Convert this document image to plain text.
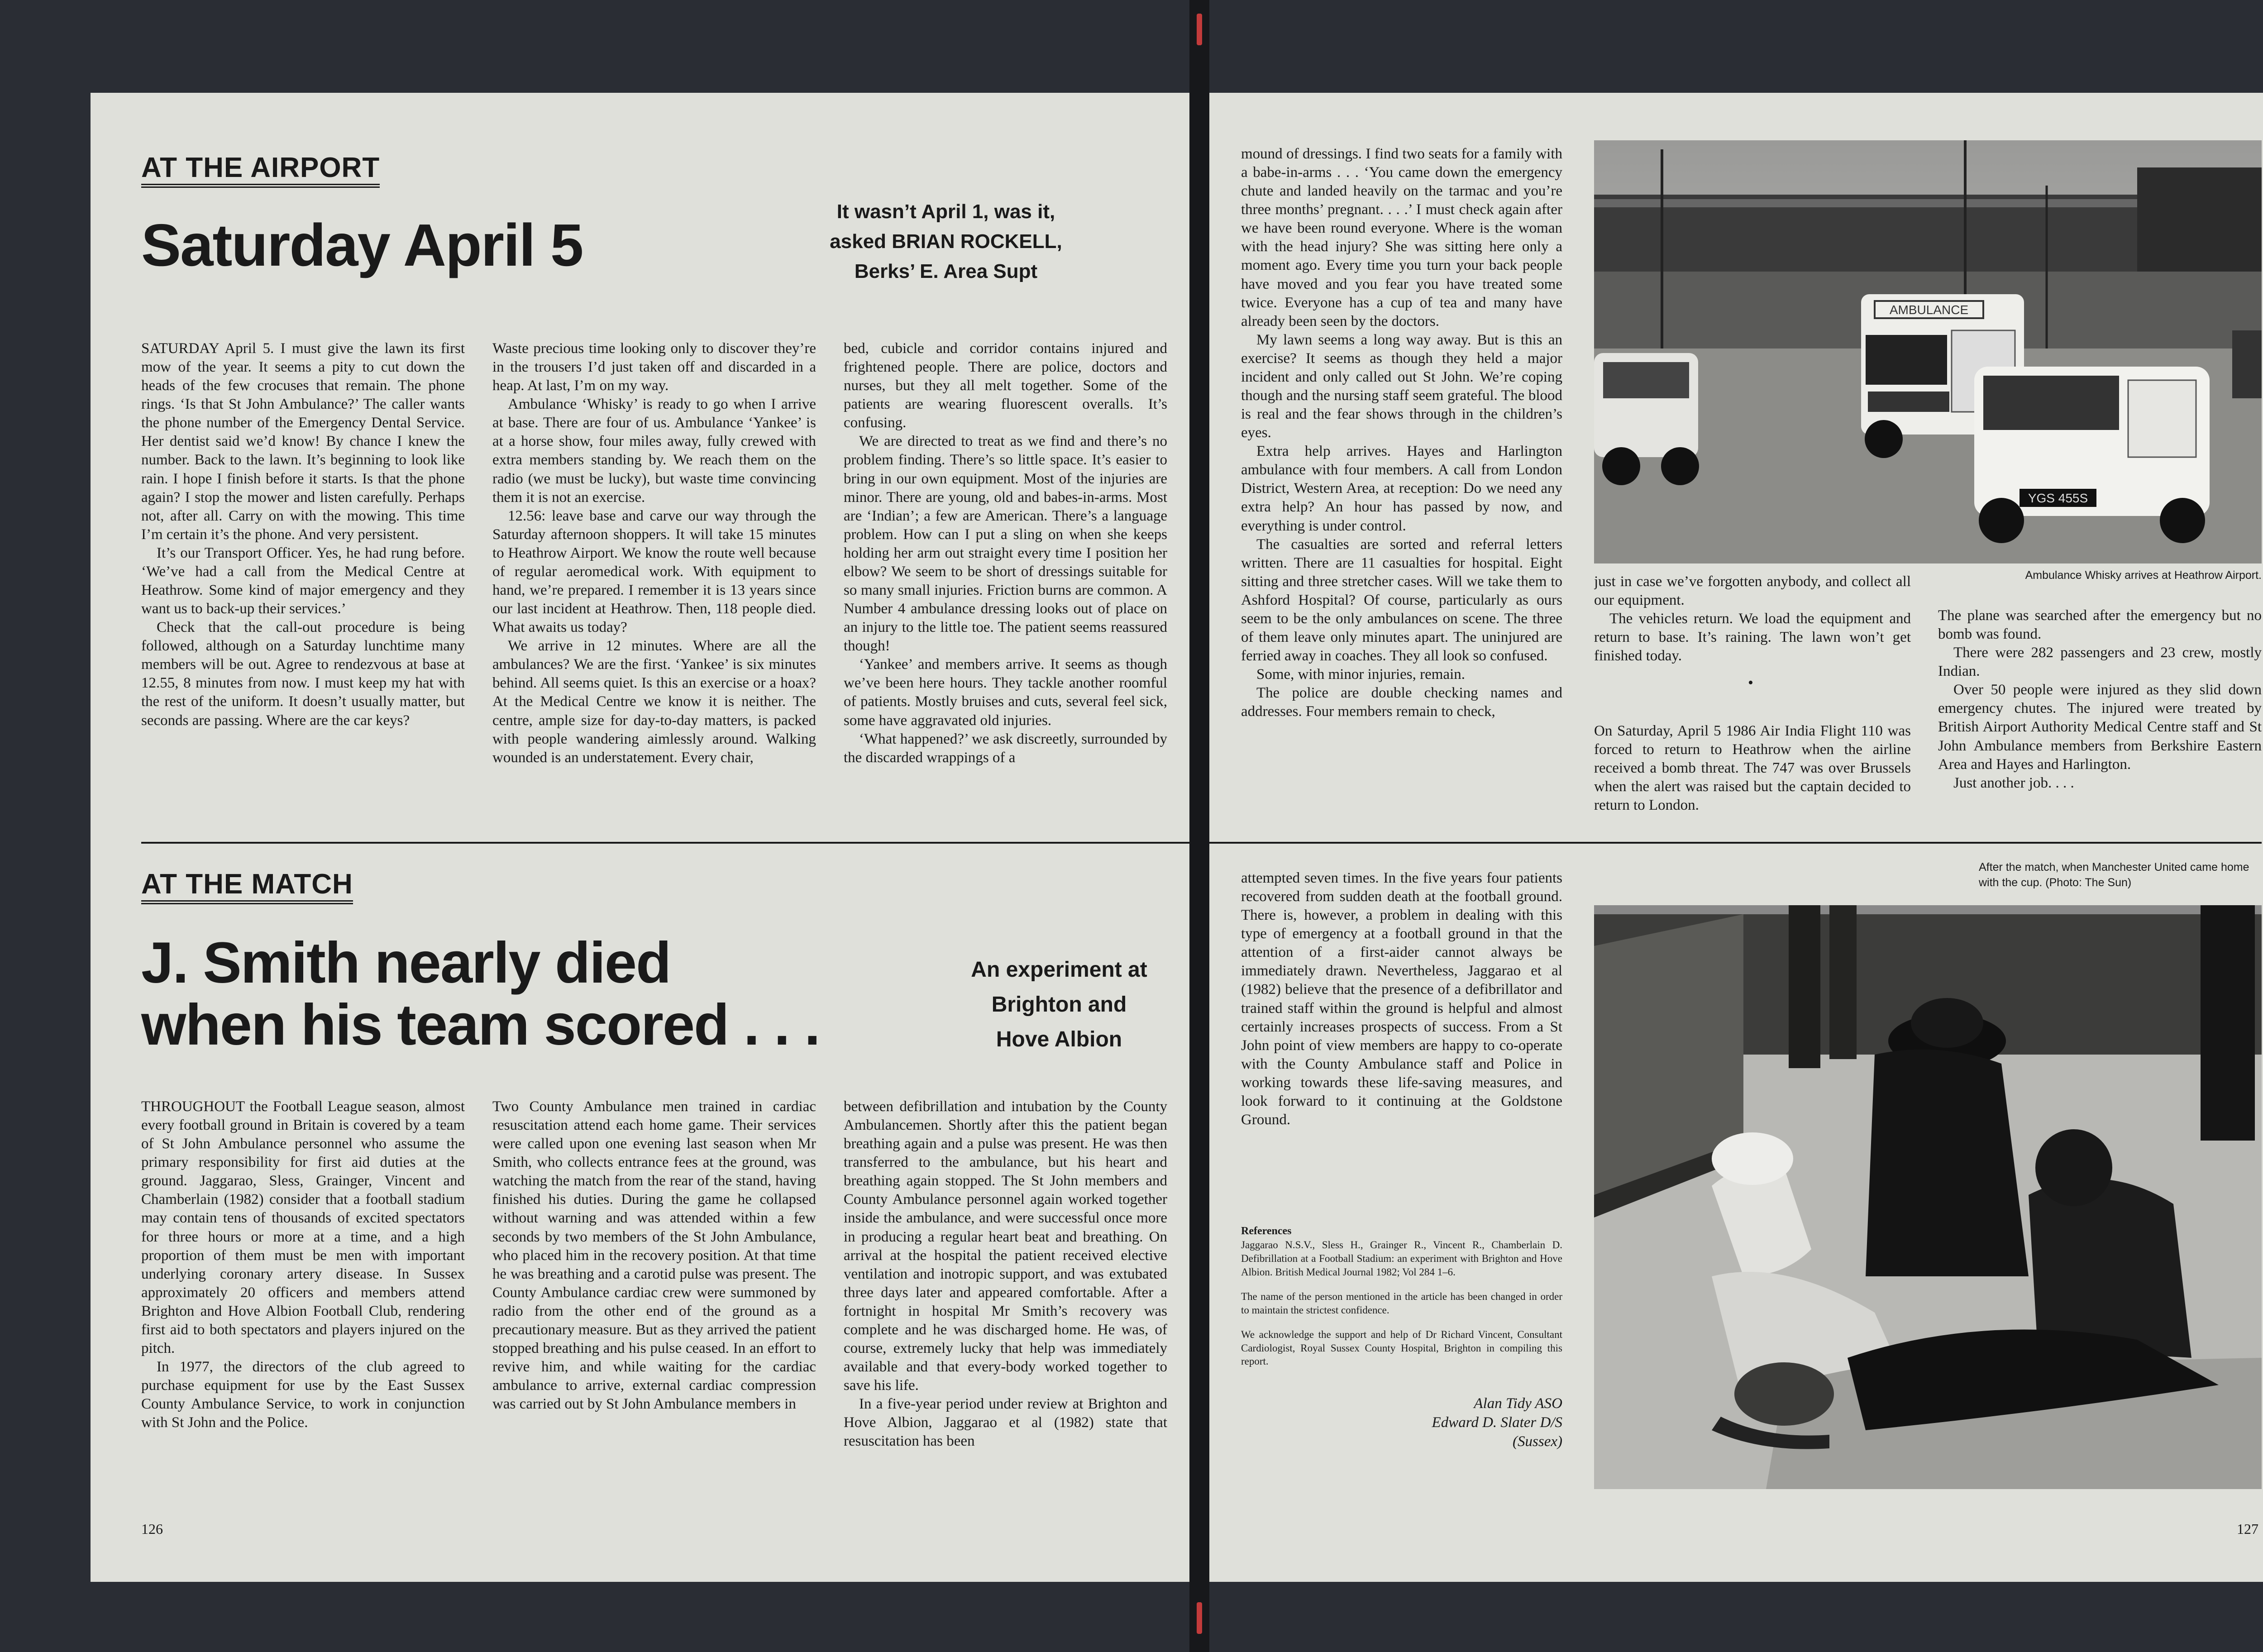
AT THE AIRPORT
Saturday April 5
It wasn’t April 1, was it,
asked BRIAN ROCKELL,
Berks’ E. Area Supt

SATURDAY April 5. I must give the lawn its first mow of the year. It seems a pity to cut down the heads of the few crocuses that remain. The phone rings. ‘Is that St John Ambulance?’ The caller wants the phone number of the Emergency Dental Service. Her dentist said we’d know! By chance I knew the number. Back to the lawn. It’s beginning to look like rain. I hope I finish before it starts. Is that the phone again? I stop the mower and listen carefully. Perhaps not, after all. Carry on with the mowing. This time I’m certain it’s the phone. And very persistent.

It’s our Transport Officer. Yes, he had rung before. ‘We’ve had a call from the Medical Centre at Heathrow. Some kind of major emergency and they want us to back-up their services.’

Check that the call-out procedure is being followed, although on a Saturday lunchtime many members will be out. Agree to rendezvous at base at 12.55, 8 minutes from now. I must keep my hat with the rest of the uniform. It doesn’t usually matter, but seconds are passing. Where are the car keys?

Waste precious time looking only to discover they’re in the trousers I’d just taken off and discarded in a heap. At last, I’m on my way.

Ambulance ‘Whisky’ is ready to go when I arrive at base. There are four of us. Ambulance ‘Yankee’ is at a horse show, four miles away, fully crewed with extra members standing by. We reach them on the radio (we must be lucky), but waste time convincing them it is not an exercise.

12.56: leave base and carve our way through the Saturday afternoon shoppers. It will take 15 minutes to Heathrow Airport. We know the route well because of regular aeromedical work. With equipment to hand, we’re prepared. I remember it is 13 years since our last incident at Heathrow. Then, 118 people died. What awaits us today?

We arrive in 12 minutes. Where are all the ambulances? We are the first. ‘Yankee’ is six minutes behind. All seems quiet. Is this an exercise or a hoax? At the Medical Centre we know it is neither. The centre, ample size for day-to-day matters, is packed with people wandering aimlessly around. Walking wounded is an understatement. Every chair,

bed, cubicle and corridor contains injured and frightened people. There are police, doctors and nurses, but they all melt together. Some of the patients are wearing fluorescent overalls. It’s confusing.

We are directed to treat as we find and there’s no problem finding. There’s so little space. It’s easier to bring in our own equipment. Most of the injuries are minor. There are young, old and babes-in-arms. Most are ‘Indian’; a few are American. There’s a language problem. How can I put a sling on when she keeps holding her arm out straight every time I position her elbow? We seem to be short of dressings suitable for so many small injuries. Friction burns are common. A Number 4 ambulance dressing looks out of place on an injury to the little toe. The patient seems reassured though!

‘Yankee’ and members arrive. It seems as though we’ve been here hours. They tackle another roomful of patients. Mostly bruises and cuts, several feel sick, some have aggravated old injuries.

‘What happened?’ we ask discreetly, surrounded by the discarded wrappings of a

AT THE MATCH
J. Smith nearly died
when his team scored . . .
An experiment at
Brighton and
Hove Albion

THROUGHOUT the Football League season, almost every football ground in Britain is covered by a team of St John Ambulance personnel who assume the primary responsibility for first aid duties at the ground. Jaggarao, Sless, Grainger, Vincent and Chamberlain (1982) consider that a football stadium may contain tens of thousands of excited spectators for three hours or more at a time, and a high proportion of them must be men with important underlying coronary artery disease. In Sussex approximately 20 officers and members attend Brighton and Hove Albion Football Club, rendering first aid to both spectators and players injured on the pitch.

In 1977, the directors of the club agreed to purchase equipment for use by the East Sussex County Ambulance Service, to work in conjunction with St John and the Police.

Two County Ambulance men trained in cardiac resuscitation attend each home game. Their services were called upon one evening last season when Mr Smith, who collects entrance fees at the ground, was watching the match from the rear of the stand, having finished his duties. During the game he collapsed without warning and was attended within a few seconds by two members of the St John Ambulance, who placed him in the recovery position. At that time he was breathing and a carotid pulse was present. The County Ambulance cardiac crew were summoned by radio from the other end of the ground as a precautionary measure. But as they arrived the patient stopped breathing and his pulse ceased. In an effort to revive him, and while waiting for the cardiac ambulance to arrive, external cardiac compression was carried out by St John Ambulance members in

between defibrillation and intubation by the County Ambulancemen. Shortly after this the patient began breathing again and a pulse was present. He was then transferred to the ambulance, but his heart and breathing again stopped. The St John members and County Ambulance personnel again worked together inside the ambulance, and were successful once more in producing a regular heart beat and breathing. On arrival at the hospital the patient received elective ventilation and inotropic support, and was extubated three days later and appeared comfortable. After a fortnight in hospital Mr Smith’s recovery was complete and he was discharged home. He was, of course, extremely lucky that help was immediately available and that every-body worked together to save his life.

In a five-year period under review at Brighton and Hove Albion, Jaggarao et al (1982) state that resuscitation has been

126

mound of dressings. I find two seats for a family with a babe-in-arms . . . ‘You came down the emergency chute and landed heavily on the tarmac and you’re three months’ pregnant. . . .’ I must check again after we have been round everyone. Where is the woman with the head injury? She was sitting here only a moment ago. Every time you turn your back people have moved and you fear you have treated some twice. Everyone has a cup of tea and many have already been seen by the doctors.

My lawn seems a long way away. But is this an exercise? It seems as though they held a major incident and only called out St John. We’re coping though and the nursing staff seem grateful. The blood is real and the fear shows through in the children’s eyes.

Extra help arrives. Hayes and Harlington ambulance with four members. A call from London District, Western Area, at reception: Do we need any extra help? An hour has passed by now, and everything is under control.

The casualties are sorted and referral letters written. There are 11 casualties for hospital. Eight sitting and three stretcher cases. Will we take them to Ashford Hospital? Of course, particularly as ours seem to be the only ambulances on scene. The three of them leave only minutes apart. The uninjured are ferried away in coaches. They all look so confused.

Some, with minor injuries, remain.

The police are double checking names and addresses. Four members remain to check,

AMBULANCE
YGS 455S
Ambulance Whisky arrives at Heathrow Airport.

just in case we’ve forgotten anybody, and collect all our equipment.

The vehicles return. We load the equipment and return to base. It’s raining. The lawn won’t get finished today.

•

On Saturday, April 5 1986 Air India Flight 110 was forced to return to Heathrow when the airline received a bomb threat. The 747 was over Brussels when the alert was raised but the captain decided to return to London.

The plane was searched after the emergency but no bomb was found.

There were 282 passengers and 23 crew, mostly Indian.

Over 50 people were injured as they slid down emergency chutes. The injured were treated by British Airport Authority Medical Centre staff and St John Ambulance members from Berkshire Eastern Area and Hayes and Harlington.

Just another job. . . .

attempted seven times. In the five years four patients recovered from sudden death at the football ground. There is, however, a problem in dealing with this type of emergency at a football ground in that the attention of a first-aider cannot always be immediately drawn. Nevertheless, Jaggarao et al (1982) believe that the presence of a defibrillator and trained staff within the ground is helpful and almost certainly increases prospects of success. From a St John point of view members are happy to co-operate with the County Ambulance staff and Police in working towards these life-saving measures, and look forward to it continuing at the Goldstone Ground.

References
Jaggarao N.S.V., Sless H., Grainger R., Vincent R., Chamberlain D. Defibrillation at a Football Stadium: an experiment with Brighton and Hove Albion. British Medical Journal 1982; Vol 284 1–6.
The name of the person mentioned in the article has been changed in order to maintain the strictest confidence.
We acknowledge the support and help of Dr Richard Vincent, Consultant Cardiologist, Royal Sussex County Hospital, Brighton in compiling this report.
Alan Tidy ASO
Edward D. Slater D/S
(Sussex)
After the match, when Manchester United came home with the cup. (Photo: The Sun)
127
